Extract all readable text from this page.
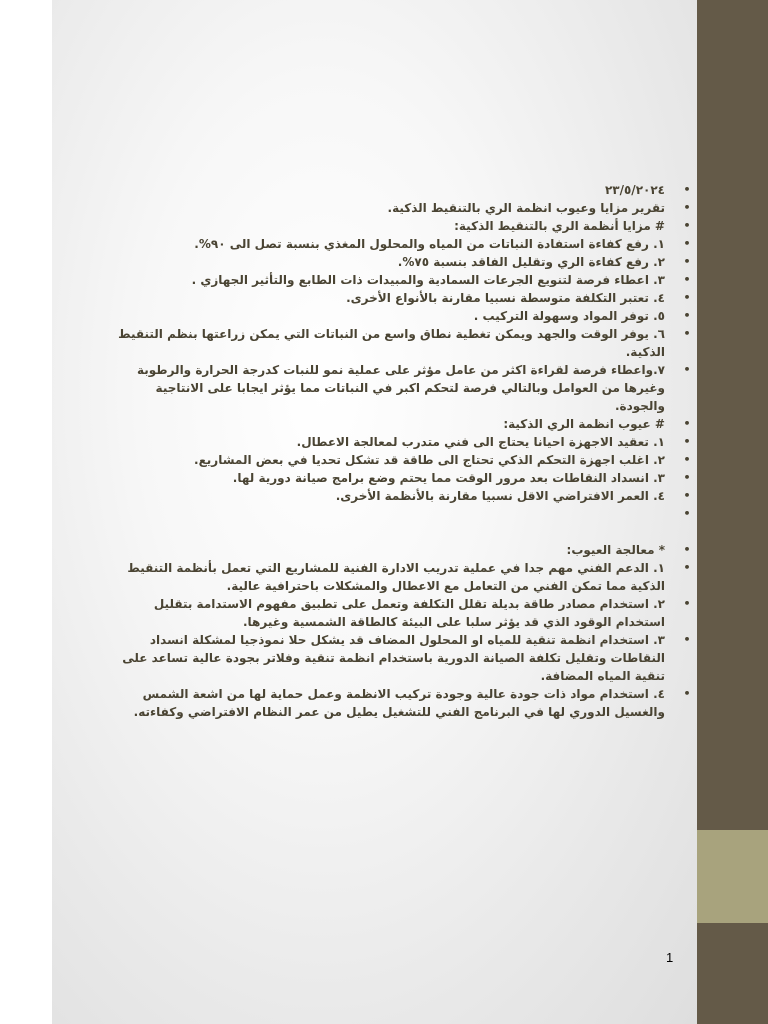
•
٢٣/٥/٢٠٢٤
•
تقرير مزايا وعيوب انظمة الري بالتنقيط الذكية.
•
# مزايا أنظمة الري بالتنقيط الذكية:
•
١. رفع كفاءة استفادة النباتات من المياه والمحلول المغذي بنسبة تصل الى ٩٠%.
•
٢. رفع كفاءة الري وتقليل الفاقد بنسبة ٧٥%.
•
٣. اعطاء فرصة لتنويع الجرعات السمادية والمبيدات ذات الطابع والتأثير الجهازي .
•
٤. تعتبر التكلفة متوسطة نسبيا مقارنة بالأنواع الأخرى.
•
٥. توفر المواد وسهولة التركيب .
•
٦. يوفر الوقت والجهد ويمكن تغطية نطاق واسع من النباتات التي يمكن زراعتها بنظم التنقيط الذكية.
•
٧.واعطاء فرصة لقراءة اكثر من عامل مؤثر على عملية نمو للنبات كدرجة الحرارة والرطوبة وغيرها من العوامل وبالتالي فرصة لتحكم اكبر في النباتات مما يؤثر ايجابا على الانتاجية والجودة.
•
# عيوب انظمة الري الذكية:
•
١. تعقيد الاجهزة احيانا يحتاج الى فني متدرب لمعالجة الاعطال.
•
٢. اغلب اجهزة التحكم الذكي تحتاج الى طاقة قد تشكل تحديا في بعض المشاريع.
•
٣. انسداد النقاطات بعد مرور الوقت مما يحتم وضع برامج صيانة دورية لها.
•
٤. العمر الافتراضي الاقل نسبيا مقارنة بالأنظمة الأخرى.
•
•
* معالجة العيوب:
•
١. الدعم الفني مهم جدا في عملية تدريب الادارة الفنية للمشاريع التي تعمل بأنظمة التنقيط الذكية مما تمكن الفني من التعامل مع الاعطال والمشكلات باحترافية عالية.
•
٢. استخدام مصادر طاقة بديلة تقلل التكلفة وتعمل على تطبيق مفهوم الاستدامة بتقليل استخدام الوقود الذي قد يؤثر سلبا على البيئة كالطاقة الشمسية وغيرها.
•
٣. استخدام انظمة تنقية للمياه او المحلول المضاف قد يشكل حلا نموذجيا لمشكلة انسداد النقاطات وتقليل تكلفة الصيانة الدورية باستخدام انظمة تنقية وفلاتر بجودة عالية تساعد على تنقية المياه المضافة.
•
٤. استخدام مواد ذات جودة عالية وجودة تركيب الانظمة وعمل حماية لها من اشعة الشمس والغسيل الدوري لها في البرنامج الفني للتشغيل يطيل من عمر النظام الافتراضي وكفاءته.
1
